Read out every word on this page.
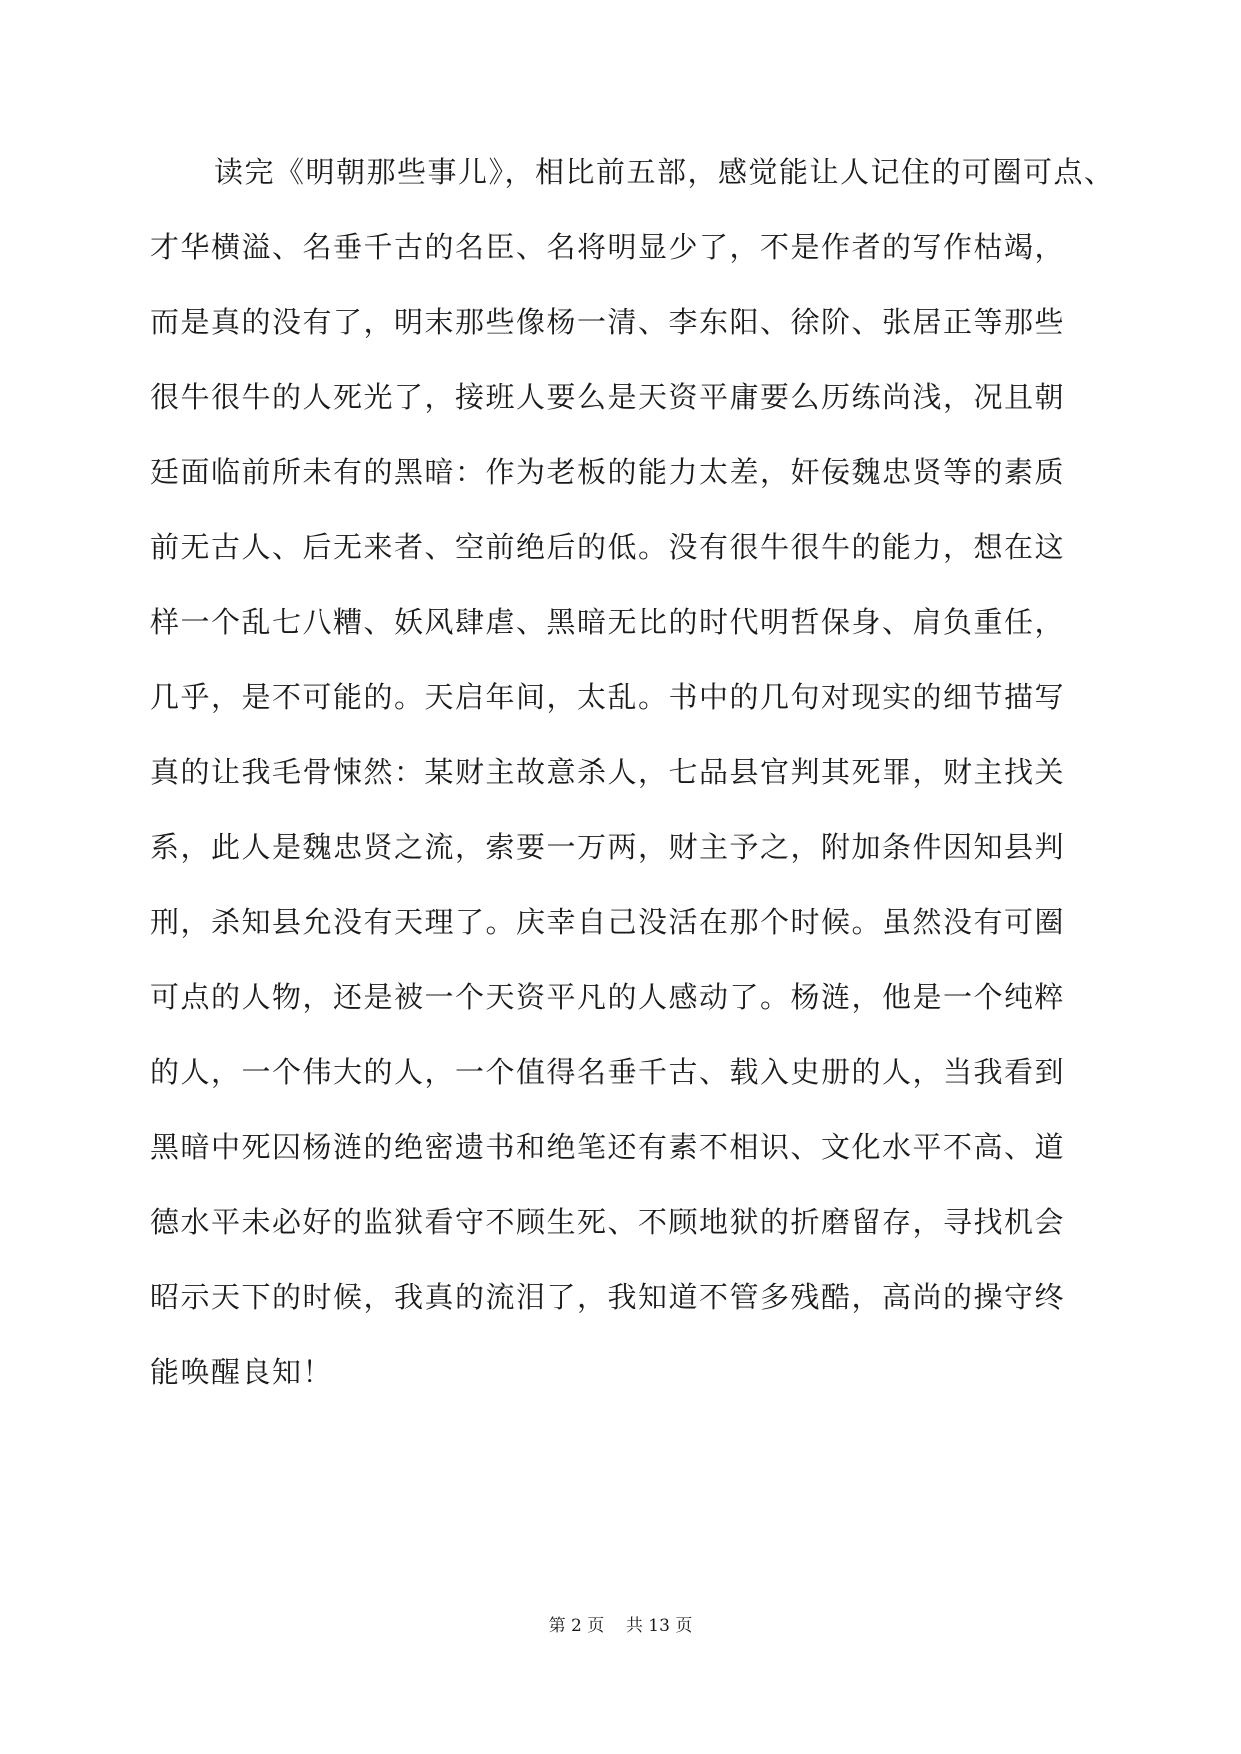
读完《明朝那些事儿》，相比前五部，感觉能让人记住的可圈可点、
才华横溢、名垂千古的名臣、名将明显少了，不是作者的写作枯竭，
而是真的没有了，明末那些像杨一清、李东阳、徐阶、张居正等那些
很牛很牛的人死光了，接班人要么是天资平庸要么历练尚浅，况且朝
廷面临前所未有的黑暗：作为老板的能力太差，奸佞魏忠贤等的素质
前无古人、后无来者、空前绝后的低。没有很牛很牛的能力，想在这
样一个乱七八糟、妖风肆虐、黑暗无比的时代明哲保身、肩负重任，
几乎，是不可能的。天启年间，太乱。书中的几句对现实的细节描写
真的让我毛骨悚然：某财主故意杀人，七品县官判其死罪，财主找关
系，此人是魏忠贤之流，索要一万两，财主予之，附加条件因知县判
刑，杀知县允没有天理了。庆幸自己没活在那个时候。虽然没有可圈
可点的人物，还是被一个天资平凡的人感动了。杨涟，他是一个纯粹
的人，一个伟大的人，一个值得名垂千古、载入史册的人，当我看到
黑暗中死囚杨涟的绝密遗书和绝笔还有素不相识、文化水平不高、道
德水平未必好的监狱看守不顾生死、不顾地狱的折磨留存，寻找机会
昭示天下的时候，我真的流泪了，我知道不管多残酷，高尚的操守终
能唤醒良知！
第 2 页    共 13 页
